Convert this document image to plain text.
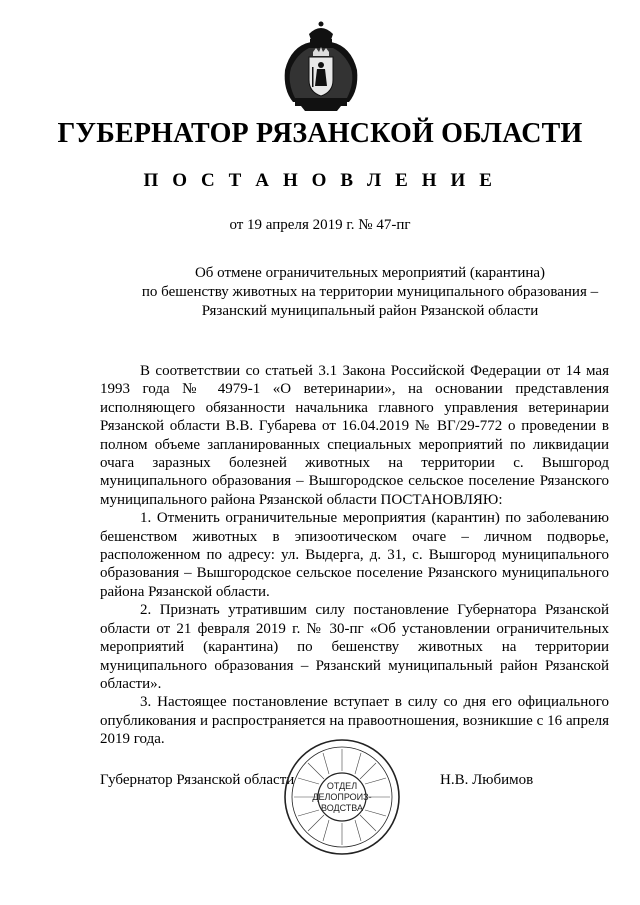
ГУБЕРНАТОР РЯЗАНСКОЙ ОБЛАСТИ
П О С Т А Н О В Л Е Н И Е
от 19 апреля 2019 г. № 47-пг
Об отмене ограничительных мероприятий (карантина)
по бешенству животных на территории муниципального образования –
Рязанский муниципальный район Рязанской области

В соответствии со статьей 3.1 Закона Российской Федерации от 14 мая 1993 года № 4979-1 «О ветеринарии», на основании представления исполняющего обязанности начальника главного управления ветеринарии Рязанской области В.В. Губарева от 16.04.2019 № ВГ/29-772 о проведении в полном объеме запланированных специальных мероприятий по ликвидации очага заразных болезней животных на территории с. Вышгород муниципального образования – Вышгородское сельское поселение Рязанского муниципального района Рязанской области ПОСТАНОВЛЯЮ:

1. Отменить ограничительные мероприятия (карантин) по заболеванию бешенством животных в эпизоотическом очаге – личном подворье, расположенном по адресу: ул. Выдерга, д. 31, с. Вышгород муниципального образования – Вышгородское сельское поселение Рязанского муниципального района Рязанской области.

2. Признать утратившим силу постановление Губернатора Рязанской области от 21 февраля 2019 г. № 30-пг «Об установлении ограничительных мероприятий (карантина) по бешенству животных на территории муниципального образования – Рязанский муниципальный район Рязанской области».

3. Настоящее постановление вступает в силу со дня его официального опубликования и распространяется на правоотношения, возникшие с 16 апреля 2019 года.

Губернатор Рязанской области	Н.В. Любимов
ОТДЕЛ
ДЕЛОПРОИЗ-
ВОДСТВА
